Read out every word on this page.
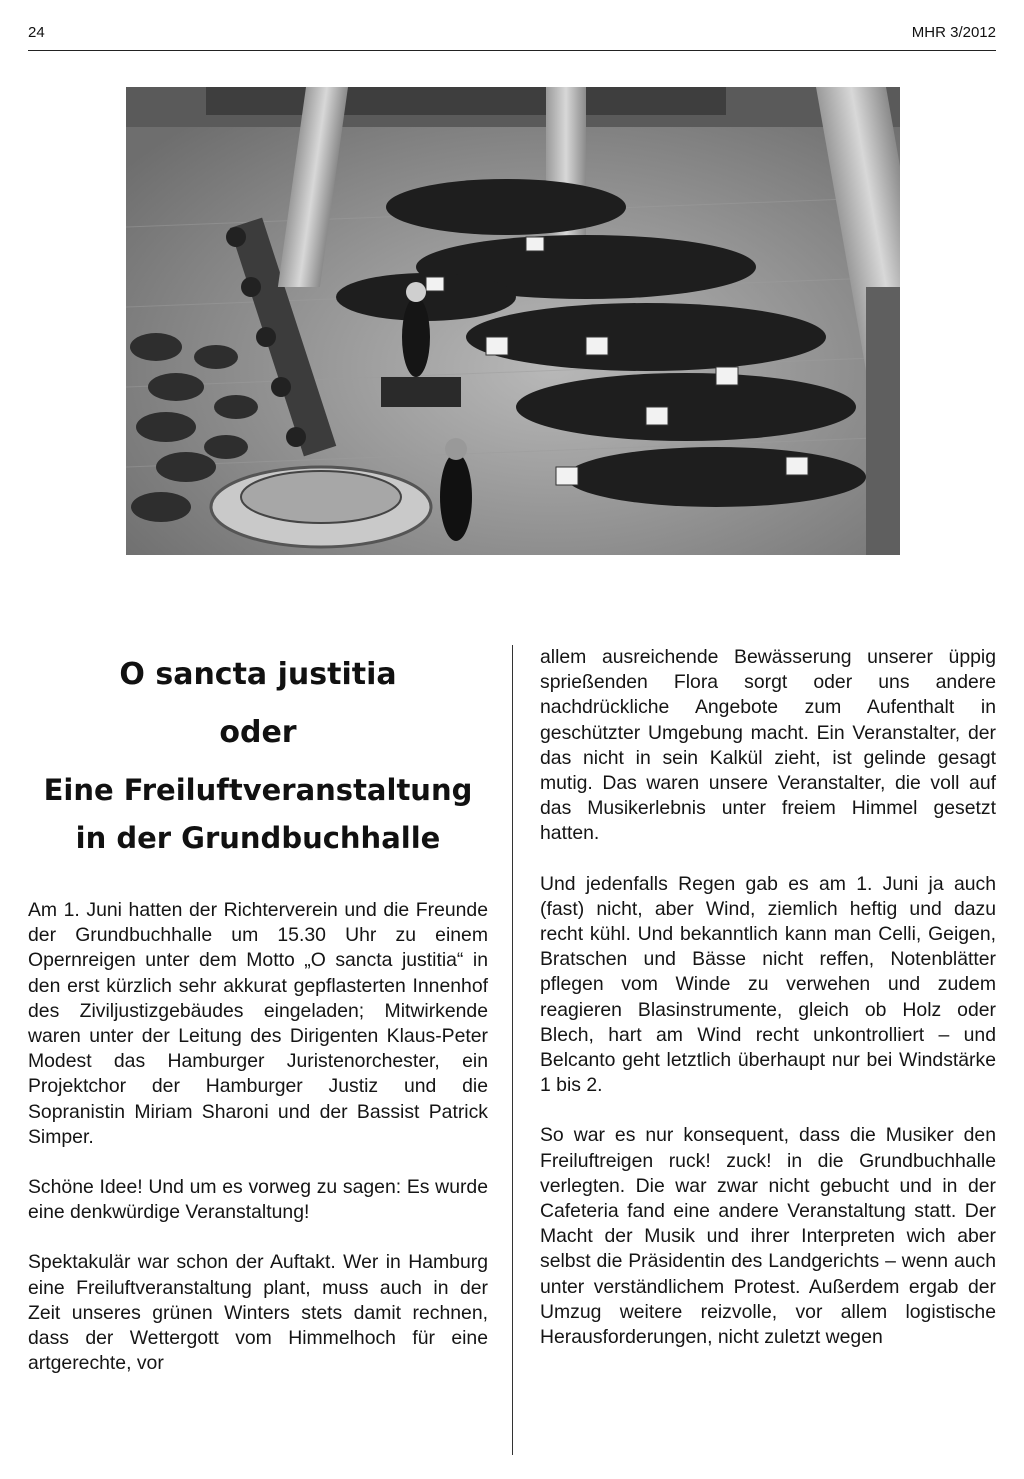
24	MHR 3/2012
O sancta justitia
oder
Eine Freiluftveranstaltung
in der Grundbuchhalle

Am 1. Juni hatten der Richterverein und die Freunde der Grundbuchhalle um 15.30 Uhr zu einem Opernreigen unter dem Motto „O sancta justitia“ in den erst kürzlich sehr akkurat gepflasterten Innenhof des Ziviljustizgebäudes eingeladen; Mitwirkende waren unter der Leitung des Dirigenten Klaus-Peter Modest das Hamburger Juristenorchester, ein Projektchor der Hamburger Justiz und die Sopranistin Miriam Sharoni und der Bassist Patrick Simper.

Schöne Idee! Und um es vorweg zu sagen: Es wurde eine denkwürdige Veranstaltung!

Spektakulär war schon der Auftakt. Wer in Hamburg eine Freiluftveranstaltung plant, muss auch in der Zeit unseres grünen Winters stets damit rechnen, dass der Wettergott vom Himmelhoch für eine artgerechte, vor

allem ausreichende Bewässerung unserer üppig sprießenden Flora sorgt oder uns andere nachdrückliche Angebote zum Aufenthalt in geschützter Umgebung macht. Ein Veranstalter, der das nicht in sein Kalkül zieht, ist gelinde gesagt mutig. Das waren unsere Veranstalter, die voll auf das Musikerlebnis unter freiem Himmel gesetzt hatten.

Und jedenfalls Regen gab es am 1. Juni ja auch (fast) nicht, aber Wind, ziemlich heftig und dazu recht kühl. Und bekanntlich kann man Celli, Geigen, Bratschen und Bässe nicht reffen, Notenblätter pflegen vom Winde zu verwehen und zudem reagieren Blasinstrumente, gleich ob Holz oder Blech, hart am Wind recht unkontrolliert – und Belcanto geht letztlich überhaupt nur bei Windstärke 1 bis 2.

So war es nur konsequent, dass die Musiker den Freiluftreigen ruck! zuck! in die Grundbuchhalle verlegten. Die war zwar nicht gebucht und in der Cafeteria fand eine andere Veranstaltung statt. Der Macht der Musik und ihrer Interpreten wich aber selbst die Präsidentin des Landgerichts – wenn auch unter verständlichem Protest. Außerdem ergab der Umzug weitere reizvolle, vor allem logistische Herausforderungen, nicht zuletzt wegen
